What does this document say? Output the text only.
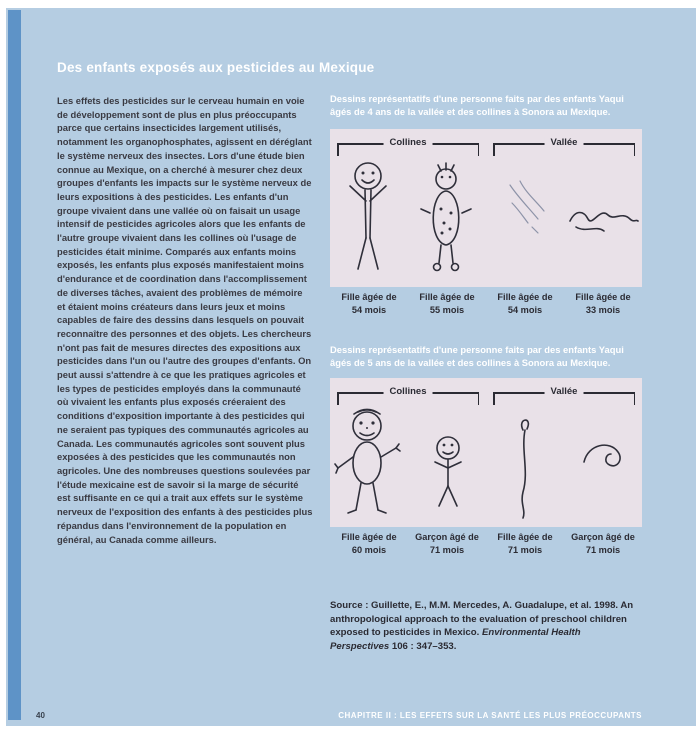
Des enfants exposés aux pesticides au Mexique
Les effets des pesticides sur le cerveau humain en voie de développement sont de plus en plus préoccupants parce que certains insecticides largement utilisés, notamment les organophosphates, agissent en déréglant le système nerveux des insectes. Lors d'une étude bien connue au Mexique, on a cherché à mesurer chez deux groupes d'enfants les impacts sur le système nerveux de leurs expositions à des pesticides. Les enfants d'un groupe vivaient dans une vallée où on faisait un usage intensif de pesticides agricoles alors que les enfants de l'autre groupe vivaient dans les collines où l'usage de pesticides était minime. Comparés aux enfants moins exposés, les enfants plus exposés manifestaient moins d'endurance et de coordination dans l'accomplissement de diverses tâches, avaient des problèmes de mémoire et étaient moins créateurs dans leurs jeux et moins capables de faire des dessins dans lesquels on pouvait reconnaître des personnes et des objets. Les chercheurs n'ont pas fait de mesures directes des expositions aux pesticides dans l'un ou l'autre des groupes d'enfants. On peut aussi s'attendre à ce que les pratiques agricoles et les types de pesticides employés dans la communauté où vivaient les enfants plus exposés créeraient des conditions d'exposition importante à des pesticides qui ne seraient pas typiques des communautés agricoles au Canada. Les communautés agricoles sont souvent plus exposées à des pesticides que les communautés non agricoles. Une des nombreuses questions soulevées par l'étude mexicaine est de savoir si la marge de sécurité est suffisante en ce qui a trait aux effets sur le système nerveux de l'exposition des enfants à des pesticides plus répandus dans l'environnement de la population en général, au Canada comme ailleurs.
Dessins représentatifs d'une personne faits par des enfants Yaqui âgés de 4 ans de la vallée et des collines à Sonora au Mexique.
Collines	Vallée
Fille âgée de
54 mois
Fille âgée de
55 mois
Fille âgée de
54 mois
Fille âgée de
33 mois
Dessins représentatifs d'une personne faits par des enfants Yaqui âgés de 5 ans de la vallée et des collines à Sonora au Mexique.
Collines	Vallée
Fille âgée de
60 mois
Garçon âgé de
71 mois
Fille âgée de
71 mois
Garçon âgé de
71 mois
Source : Guillette, E., M.M. Mercedes, A. Guadalupe, et al. 1998. An anthropological approach to the evaluation of preschool children exposed to pesticides in Mexico. Environmental Health Perspectives 106 : 347–353.
40	CHAPITRE II : LES EFFETS SUR LA SANTÉ LES PLUS PRÉOCCUPANTS
